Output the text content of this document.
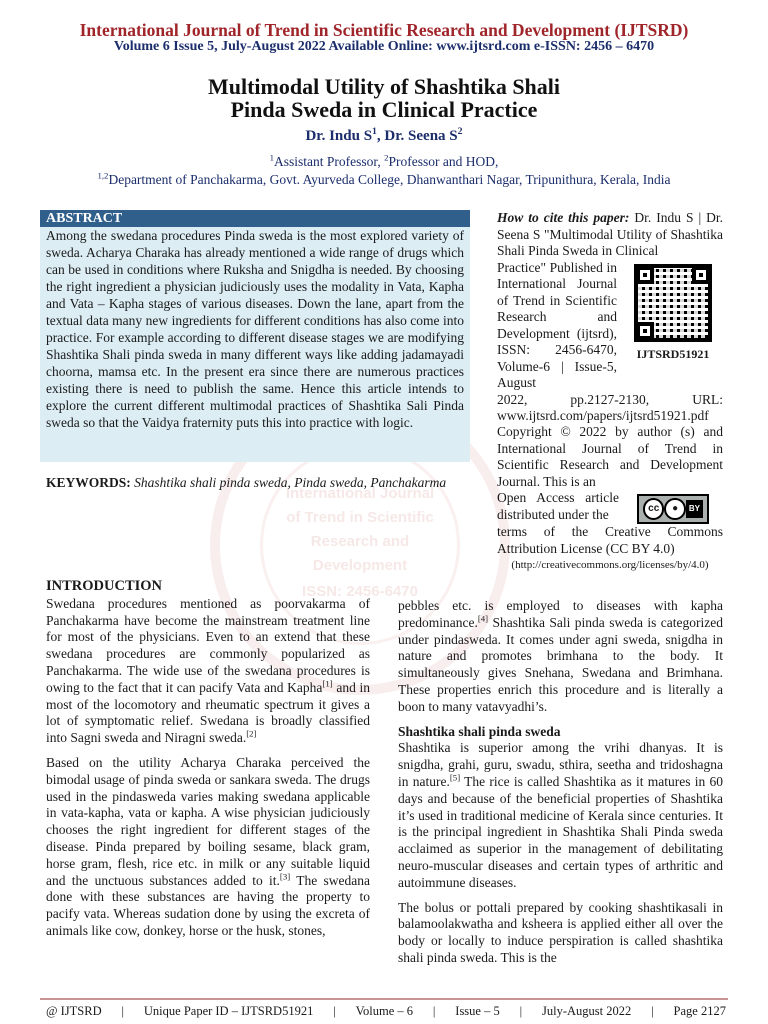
International Journal
of Trend in Scientific
Research and
Development
ISSN: 2456-6470
International Journal of Trend in Scientific Research and Development (IJTSRD)
Volume 6 Issue 5, July-August 2022 Available Online: www.ijtsrd.com e-ISSN: 2456 – 6470
Multimodal Utility of Shashtika Shali
Pinda Sweda in Clinical Practice
Dr. Indu $S^1$, Dr. Seena $S^2$
$^1$Assistant Professor, $^2$Professor and HOD,
$^{1,2}$Department of Panchakarma, Govt. Ayurveda College, Dhanwanthari Nagar, Tripunithura, Kerala, India
ABSTRACT
Among the swedana procedures Pinda sweda is the most explored variety of sweda. Acharya Charaka has already mentioned a wide range of drugs which can be used in conditions where Ruksha and Snigdha is needed. By choosing the right ingredient a physician judiciously uses the modality in Vata, Kapha and Vata – Kapha stages of various diseases. Down the lane, apart from the textual data many new ingredients for different conditions has also come into practice. For example according to different disease stages we are modifying Shashtika Shali pinda sweda in many different ways like adding jadamayadi choorna, mamsa etc. In the present era since there are numerous practices existing there is need to publish the same. Hence this article intends to explore the current different multimodal practices of Shashtika Sali Pinda sweda so that the Vaidya fraternity puts this into practice with logic.
KEYWORDS: Shashtika shali pinda sweda, Pinda sweda, Panchakarma

How to cite this paper: Dr. Indu S | Dr. Seena S "Multimodal Utility of Shashtika Shali Pinda Sweda in Clinical

Practice" Published in International Journal of Trend in Scientific Research and Development (ijtsrd), ISSN: 2456-6470, Volume-6 | Issue-5, August
IJTSRD51921
2022,	pp.2127-2130,	URL:
www.ijtsrd.com/papers/ijtsrd51921.pdf

Copyright © 2022 by author (s) and International Journal of Trend in Scientific Research and Development Journal. This is an

Open Access article distributed under the	cc	●	BY

terms of the Creative Commons Attribution License (CC BY 4.0)

(http://creativecommons.org/licenses/by/4.0)
INTRODUCTION

Swedana procedures mentioned as poorvakarma of Panchakarma have become the mainstream treatment line for most of the physicians. Even to an extend that these swedana procedures are commonly popularized as Panchakarma. The wide use of the swedana procedures is owing to the fact that it can pacify Vata and Kapha[1] and in most of the locomotory and rheumatic spectrum it gives a lot of symptomatic relief. Swedana is broadly classified into Sagni sweda and Niragni sweda.[2]

Based on the utility Acharya Charaka perceived the bimodal usage of pinda sweda or sankara sweda. The drugs used in the pindasweda varies making swedana applicable in vata-kapha, vata or kapha. A wise physician judiciously chooses the right ingredient for different stages of the disease. Pinda prepared by boiling sesame, black gram, horse gram, flesh, rice etc. in milk or any suitable liquid and the unctuous substances added to it.[3] The swedana done with these substances are having the property to pacify vata. Whereas sudation done by using the excreta of animals like cow, donkey, horse or the husk, stones,

pebbles etc. is employed to diseases with kapha predominance.[4] Shashtika Sali pinda sweda is categorized under pindasweda. It comes under agni sweda, snigdha in nature and promotes brimhana to the body. It simultaneously gives Snehana, Swedana and Brimhana. These properties enrich this procedure and is literally a boon to many vatavyadhi’s.

Shashtika shali pinda sweda

Shashtika is superior among the vrihi dhanyas. It is snigdha, grahi, guru, swadu, sthira, seetha and tridoshagna in nature.[5] The rice is called Shashtika as it matures in 60 days and because of the beneficial properties of Shashtika it’s used in traditional medicine of Kerala since centuries. It is the principal ingredient in Shashtika Shali Pinda sweda acclaimed as superior in the management of debilitating neuro-muscular diseases and certain types of arthritic and autoimmune diseases.

The bolus or pottali prepared by cooking shashtikasali in balamoolakwatha and ksheera is applied either all over the body or locally to induce perspiration is called shashtika shali pinda sweda. This is the

@ IJTSRD | Unique Paper ID – IJTSRD51921 | Volume – 6 | Issue – 5 | July-August 2022 | Page 2127
